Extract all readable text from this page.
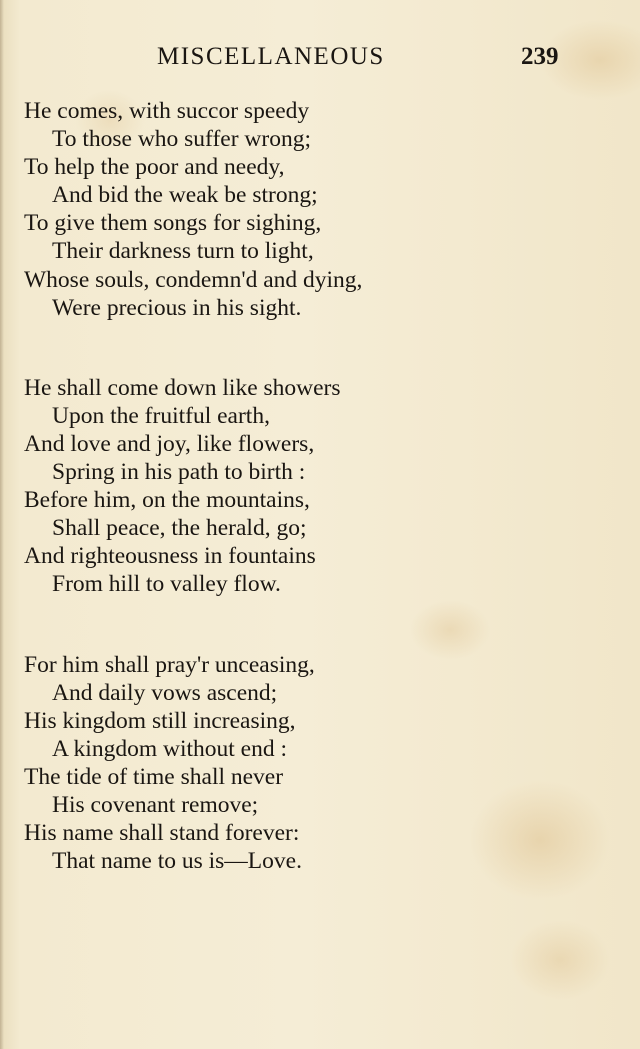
MISCELLANEOUS	239
He comes, with succor speedy
To those who suffer wrong;
To help the poor and needy,
And bid the weak be strong;
To give them songs for sighing,
Their darkness turn to light,
Whose souls, condemn'd and dying,
Were precious in his sight.
He shall come down like showers
Upon the fruitful earth,
And love and joy, like flowers,
Spring in his path to birth :
Before him, on the mountains,
Shall peace, the herald, go;
And righteousness in fountains
From hill to valley flow.
For him shall pray'r unceasing,
And daily vows ascend;
His kingdom still increasing,
A kingdom without end :
The tide of time shall never
His covenant remove;
His name shall stand forever:
That name to us is—Love.
